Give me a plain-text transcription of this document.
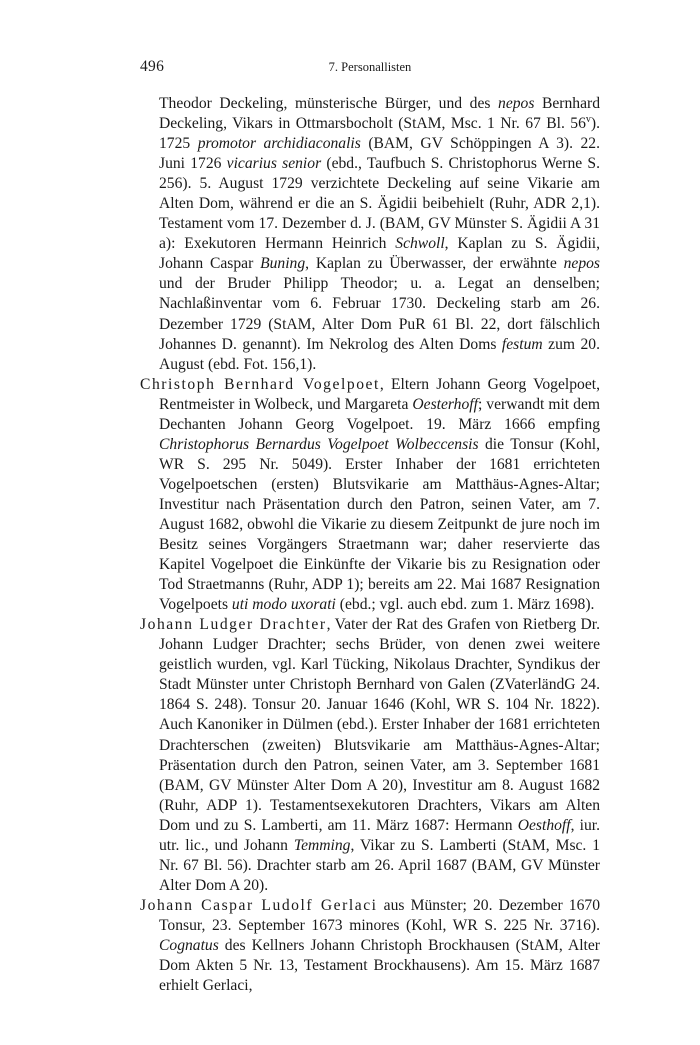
496	7. Personallisten

Theodor Deckeling, münsterische Bürger, und des nepos Bernhard Deckeling, Vikars in Ottmarsbocholt (StAM, Msc. 1 Nr. 67 Bl. 56$^v$). 1725 promotor archidiaconalis (BAM, GV Schöppingen A 3). 22. Juni 1726 vicarius senior (ebd., Taufbuch S. Christophorus Werne S. 256). 5. August 1729 verzichtete Deckeling auf seine Vikarie am Alten Dom, während er die an S. Ägidii beibehielt (Ruhr, ADR 2,1). Testament vom 17. Dezember d. J. (BAM, GV Münster S. Ägidii A 31 a): Exekutoren Hermann Heinrich Schwoll, Kaplan zu S. Ägidii, Johann Caspar Buning, Kaplan zu Überwasser, der erwähnte nepos und der Bruder Philipp Theodor; u. a. Legat an denselben; Nachlaßinventar vom 6. Februar 1730. Deckeling starb am 26. Dezember 1729 (StAM, Alter Dom PuR 61 Bl. 22, dort fälschlich Johannes D. genannt). Im Nekrolog des Alten Doms festum zum 20. August (ebd. Fot. 156,1).

Christoph Bernhard Vogelpoet, Eltern Johann Georg Vogelpoet, Rentmeister in Wolbeck, und Margareta Oesterhoff; verwandt mit dem Dechanten Johann Georg Vogelpoet. 19. März 1666 empfing Christophorus Bernardus Vogelpoet Wolbeccensis die Tonsur (Kohl, WR S. 295 Nr. 5049). Erster Inhaber der 1681 errichteten Vogelpoetschen (ersten) Blutsvikarie am Matthäus-Agnes-Altar; Investitur nach Präsentation durch den Patron, seinen Vater, am 7. August 1682, obwohl die Vikarie zu diesem Zeitpunkt de jure noch im Besitz seines Vorgängers Straetmann war; daher reservierte das Kapitel Vogelpoet die Einkünfte der Vikarie bis zu Resignation oder Tod Straetmanns (Ruhr, ADP 1); bereits am 22. Mai 1687 Resignation Vogelpoets uti modo uxorati (ebd.; vgl. auch ebd. zum 1. März 1698).

Johann Ludger Drachter, Vater der Rat des Grafen von Rietberg Dr. Johann Ludger Drachter; sechs Brüder, von denen zwei weitere geistlich wurden, vgl. Karl Tücking, Nikolaus Drachter, Syndikus der Stadt Münster unter Christoph Bernhard von Galen (ZVaterländG 24. 1864 S. 248). Tonsur 20. Januar 1646 (Kohl, WR S. 104 Nr. 1822). Auch Kanoniker in Dülmen (ebd.). Erster Inhaber der 1681 errichteten Drachterschen (zweiten) Blutsvikarie am Matthäus-Agnes-Altar; Präsentation durch den Patron, seinen Vater, am 3. September 1681 (BAM, GV Münster Alter Dom A 20), Investitur am 8. August 1682 (Ruhr, ADP 1). Testamentsexekutoren Drachters, Vikars am Alten Dom und zu S. Lamberti, am 11. März 1687: Hermann Oesthoff, iur. utr. lic., und Johann Temming, Vikar zu S. Lamberti (StAM, Msc. 1 Nr. 67 Bl. 56). Drachter starb am 26. April 1687 (BAM, GV Münster Alter Dom A 20).

Johann Caspar Ludolf Gerlaci aus Münster; 20. Dezember 1670 Tonsur, 23. September 1673 minores (Kohl, WR S. 225 Nr. 3716). Cognatus des Kellners Johann Christoph Brockhausen (StAM, Alter Dom Akten 5 Nr. 13, Testament Brockhausens). Am 15. März 1687 erhielt Gerlaci,
